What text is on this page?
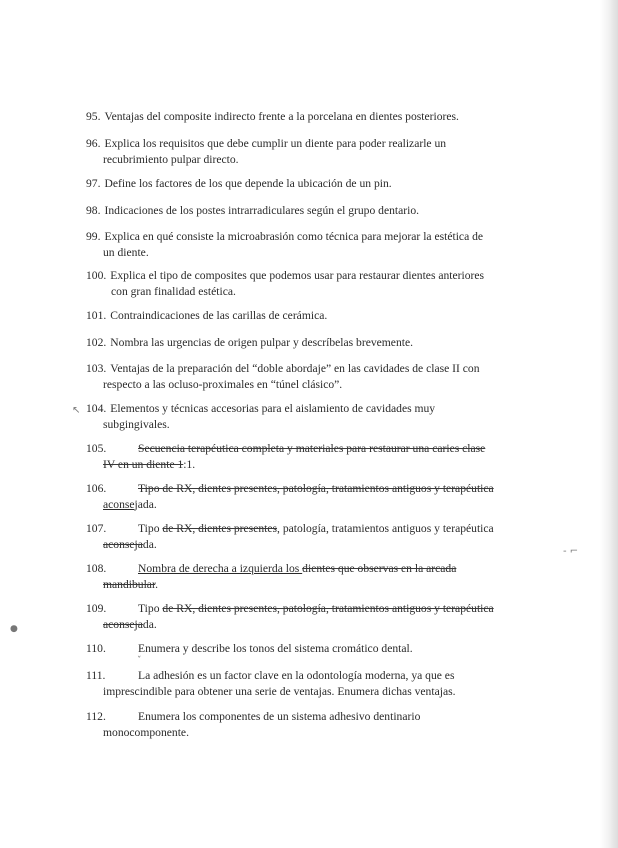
95. Ventajas del composite indirecto frente a la porcelana en dientes posteriores.
96. Explica los requisitos que debe cumplir un diente para poder realizarle un
recubrimiento pulpar directo.
97. Define los factores de los que depende la ubicación de un pin.
98. Indicaciones de los postes intrarradiculares según el grupo dentario.
99. Explica en qué consiste la microabrasión como técnica para mejorar la estética de
un diente.
100. Explica el tipo de composites que podemos usar para restaurar dientes anteriores
con gran finalidad estética.
101. Contraindicaciones de las carillas de cerámica.
102. Nombra las urgencias de origen pulpar y descríbelas brevemente.
103. Ventajas de la preparación del “doble abordaje” en las cavidades de clase II con
respecto a las ocluso-proximales en “túnel clásico”.
↖ 104. Elementos y técnicas accesorias para el aislamiento de cavidades muy
subgingivales.
105.	Secuencia terapéutica completa y materiales para restaurar una caries clase
IV en un diente 1:1.
106.	Tipo de RX, dientes presentes, patología, tratamientos antiguos y terapéutica
aconsejada.
107.	Tipo de RX, dientes presentes, patología, tratamientos antiguos y terapéutica
aconsejada.
108.	Nombra de derecha a izquierda los dientes que observas en la arcada
mandibular.
- ⌐
●
109.	Tipo de RX, dientes presentes, patología, tratamientos antiguos y terapéutica
aconsejada.
110.	Enumera y describe los tonos del sistema cromático dental.
ˇ
111.	La adhesión es un factor clave en la odontología moderna, ya que es
imprescindible para obtener una serie de ventajas. Enumera dichas ventajas.
112.	Enumera los componentes de un sistema adhesivo dentinario
monocomponente.
